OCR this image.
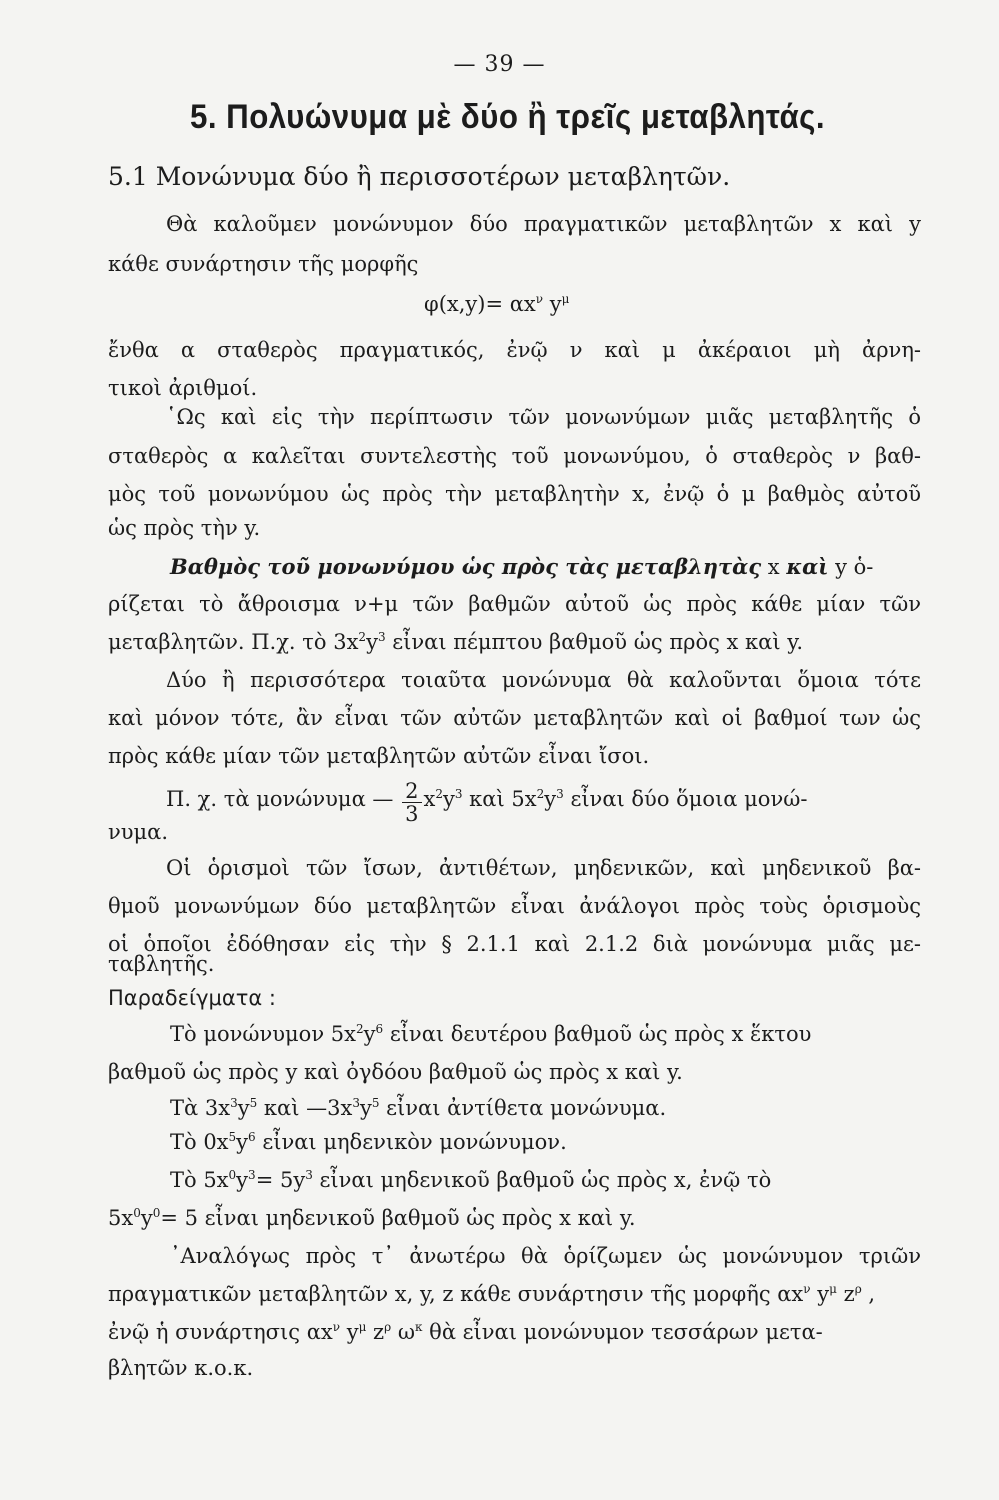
— 39 —
5. Πολυώνυμα μὲ δύο ἢ τρεῖς μεταβλητάς.
5.1 Μονώνυμα δύο ἢ περισσοτέρων μεταβλητῶν.
Θὰ καλοῦμεν μονώνυμον δύο πραγματικῶν μεταβλητῶν x καὶ y
κάθε συνάρτησιν τῆς μορφῆς
$\varphi(x,y)= \alpha x^\nu$ $y^\mu$
ἔνθα α σταθερὸς πραγματικός, ἐνῷ ν καὶ μ ἀκέραιοι μὴ ἀρνη-
τικοὶ ἀριθμοί.
῾Ως καὶ εἰς τὴν περίπτωσιν τῶν μονωνύμων μιᾶς μεταβλητῆς ὁ
σταθερὸς α καλεῖται συντελεστὴς τοῦ μονωνύμου, ὁ σταθερὸς ν βαθ-
μὸς τοῦ μονωνύμου ὡς πρὸς τὴν μεταβλητὴν x, ἐνῷ ὁ μ βαθμὸς αὐτοῦ
ὡς πρὸς τὴν y.
Βαθμὸς τοῦ μονωνύμου ὡς πρὸς τὰς μεταβλητὰς x καὶ y ὁ-
ρίζεται τὸ ἄθροισμα ν+μ τῶν βαθμῶν αὐτοῦ ὡς πρὸς κάθε μίαν τῶν
μεταβλητῶν. Π.χ. τὸ $3x^2y^3$ εἶναι πέμπτου βαθμοῦ ὡς πρὸς x καὶ y.
Δύο ἢ περισσότερα τοιαῦτα μονώνυμα θὰ καλοῦνται ὅμοια τότε
καὶ μόνον τότε, ἂν εἶναι τῶν αὐτῶν μεταβλητῶν καὶ οἱ βαθμοί των ὡς
πρὸς κάθε μίαν τῶν μεταβλητῶν αὐτῶν εἶναι ἴσοι.
Π. χ. τὰ μονώνυμα — $\frac{2}{3} x^2y^3$ καὶ $5x^2y^3$ εἶναι δύο ὅμοια μονώ-
νυμα.
Οἱ ὁρισμοὶ τῶν ἴσων, ἀντιθέτων, μηδενικῶν, καὶ μηδενικοῦ βα-
θμοῦ μονωνύμων δύο μεταβλητῶν εἶναι ἀνάλογοι πρὸς τοὺς ὁρισμοὺς
οἱ ὁποῖοι ἐδόθησαν εἰς τὴν § 2.1.1 καὶ 2.1.2 διὰ μονώνυμα μιᾶς με-
ταβλητῆς.
Παραδείγματα :
Τὸ μονώνυμον $5x^2y^6$ εἶναι δευτέρου βαθμοῦ ὡς πρὸς x ἕκτου
βαθμοῦ ὡς πρὸς y καὶ ὀγδόου βαθμοῦ ὡς πρὸς x καὶ y.
Τὰ $3x^3y^5$ καὶ $—3x^3y^5$ εἶναι ἀντίθετα μονώνυμα.
Τὸ $0x^5y^6$ εἶναι μηδενικὸν μονώνυμον.
Τὸ $5x^0y^3= 5y^3$ εἶναι μηδενικοῦ βαθμοῦ ὡς πρὸς x, ἐνῷ τὸ
$5x^0y^0= 5$ εἶναι μηδενικοῦ βαθμοῦ ὡς πρὸς x καὶ y.
᾿Αναλόγως πρὸς τ᾿ ἀνωτέρω θὰ ὁρίζωμεν ὡς μονώνυμον τριῶν
πραγματικῶν μεταβλητῶν x, y, z κάθε συνάρτησιν τῆς μορφῆς $\alpha x^\nu$ $y^\mu$ $z^\rho$ ,
ἐνῷ ἡ συνάρτησις $\alpha x^\nu$ $y^\mu$ $z^\rho$ $\omega^\kappa$ θὰ εἶναι μονώνυμον τεσσάρων μετα-
βλητῶν κ.ο.κ.
